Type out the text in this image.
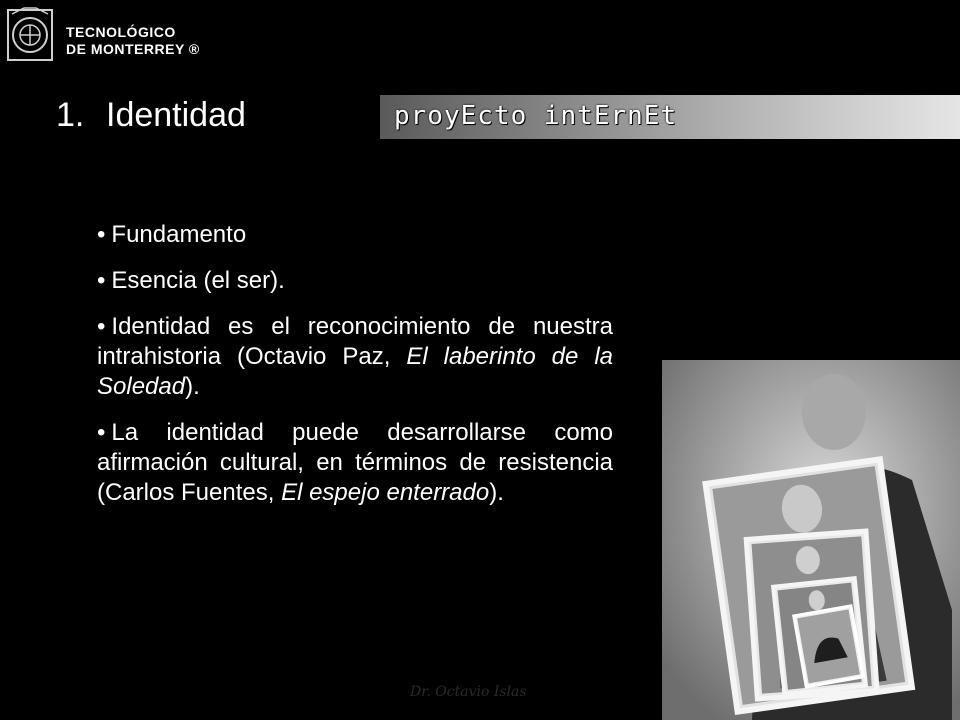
TECNOLÓGICO
DE MONTERREY ®
1. Identidad	proyEcto intErnEt

• Fundamento

• Esencia (el ser).

• Identidad es el reconocimiento de nuestra intrahistoria (Octavio Paz, El laberinto de la Soledad).

• La identidad puede desarrollarse como afirmación cultural, en términos de resistencia (Carlos Fuentes, El espejo enterrado).

Dr. Octavio Islas
